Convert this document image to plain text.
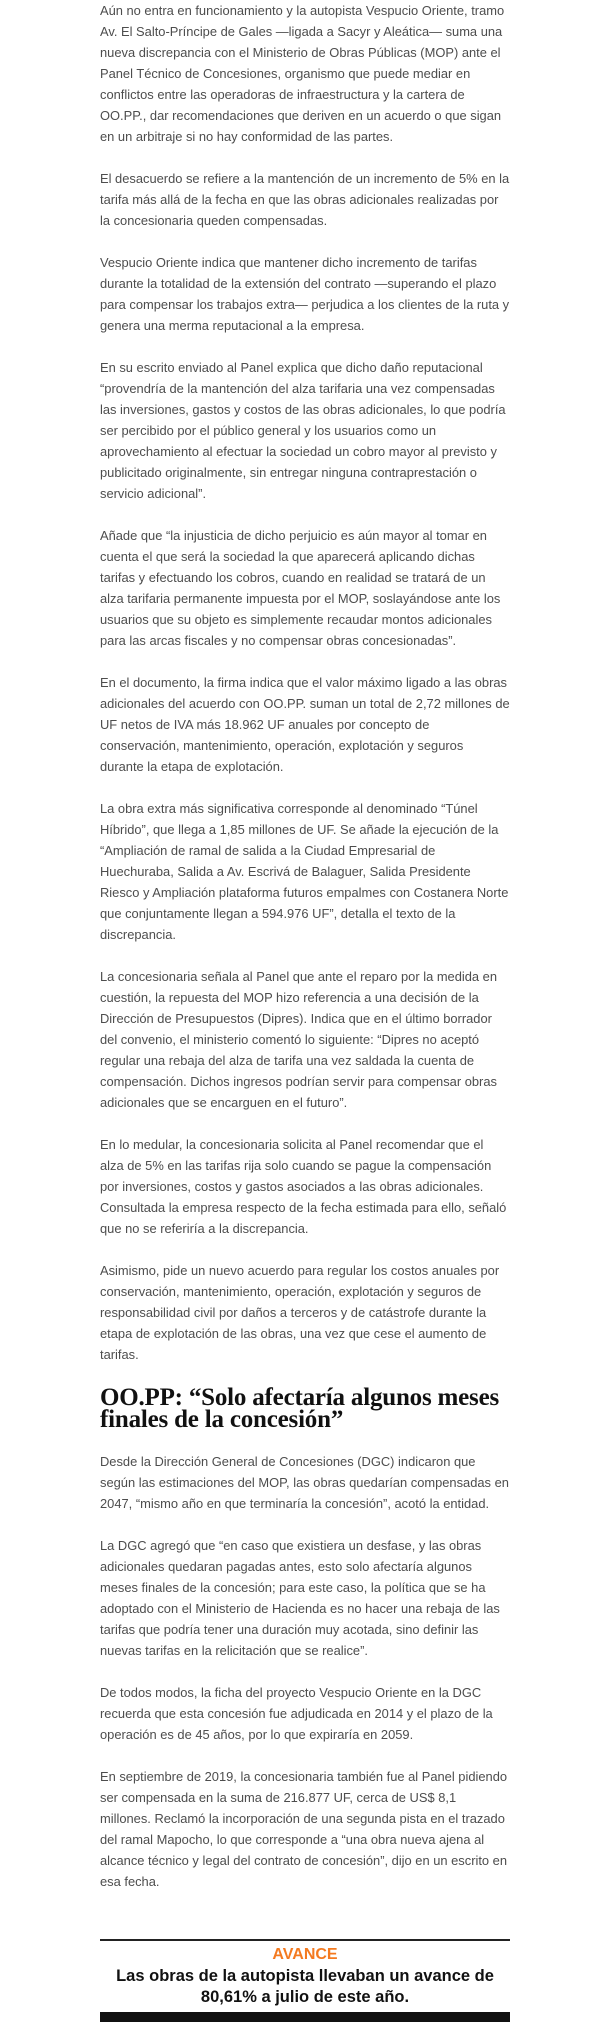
Aún no entra en funcionamiento y la autopista Vespucio Oriente, tramo Av. El Salto-Príncipe de Gales —ligada a Sacyr y Aleática— suma una nueva discrepancia con el Ministerio de Obras Públicas (MOP) ante el Panel Técnico de Concesiones, organismo que puede mediar en conflictos entre las operadoras de infraestructura y la cartera de OO.PP., dar recomendaciones que deriven en un acuerdo o que sigan en un arbitraje si no hay conformidad de las partes.

El desacuerdo se refiere a la mantención de un incremento de 5% en la tarifa más allá de la fecha en que las obras adicionales realizadas por la concesionaria queden compensadas.

Vespucio Oriente indica que mantener dicho incremento de tarifas durante la totalidad de la extensión del contrato —superando el plazo para compensar los trabajos extra— perjudica a los clientes de la ruta y genera una merma reputacional a la empresa.

En su escrito enviado al Panel explica que dicho daño reputacional “provendría de la mantención del alza tarifaria una vez compensadas las inversiones, gastos y costos de las obras adicionales, lo que podría ser percibido por el público general y los usuarios como un aprovechamiento al efectuar la sociedad un cobro mayor al previsto y publicitado originalmente, sin entregar ninguna contraprestación o servicio adicional”.

Añade que “la injusticia de dicho perjuicio es aún mayor al tomar en cuenta el que será la sociedad la que aparecerá aplicando dichas tarifas y efectuando los cobros, cuando en realidad se tratará de un alza tarifaria permanente impuesta por el MOP, soslayándose ante los usuarios que su objeto es simplemente recaudar montos adicionales para las arcas fiscales y no compensar obras concesionadas”.

En el documento, la firma indica que el valor máximo ligado a las obras adicionales del acuerdo con OO.PP. suman un total de 2,72 millones de UF netos de IVA más 18.962 UF anuales por concepto de conservación, mantenimiento, operación, explotación y seguros durante la etapa de explotación.

La obra extra más significativa corresponde al denominado “Túnel Híbrido”, que llega a 1,85 millones de UF. Se añade la ejecución de la “Ampliación de ramal de salida a la Ciudad Empresarial de Huechuraba, Salida a Av. Escrivá de Balaguer, Salida Presidente Riesco y Ampliación plataforma futuros empalmes con Costanera Norte que conjuntamente llegan a 594.976 UF”, detalla el texto de la discrepancia.

La concesionaria señala al Panel que ante el reparo por la medida en cuestión, la repuesta del MOP hizo referencia a una decisión de la Dirección de Presupuestos (Dipres). Indica que en el último borrador del convenio, el ministerio comentó lo siguiente: “Dipres no aceptó regular una rebaja del alza de tarifa una vez saldada la cuenta de compensación. Dichos ingresos podrían servir para compensar obras adicionales que se encarguen en el futuro”.

En lo medular, la concesionaria solicita al Panel recomendar que el alza de 5% en las tarifas rija solo cuando se pague la compensación por inversiones, costos y gastos asociados a las obras adicionales. Consultada la empresa respecto de la fecha estimada para ello, señaló que no se referiría a la discrepancia.

Asimismo, pide un nuevo acuerdo para regular los costos anuales por conservación, mantenimiento, operación, explotación y seguros de responsabilidad civil por daños a terceros y de catástrofe durante la etapa de explotación de las obras, una vez que cese el aumento de tarifas.

OO.PP: “Solo afectaría algunos meses finales de la concesión”

Desde la Dirección General de Concesiones (DGC) indicaron que según las estimaciones del MOP, las obras quedarían compensadas en 2047, “mismo año en que terminaría la concesión”, acotó la entidad.

La DGC agregó que “en caso que existiera un desfase, y las obras adicionales quedaran pagadas antes, esto solo afectaría algunos meses finales de la concesión; para este caso, la política que se ha adoptado con el Ministerio de Hacienda es no hacer una rebaja de las tarifas que podría tener una duración muy acotada, sino definir las nuevas tarifas en la relicitación que se realice”.

De todos modos, la ficha del proyecto Vespucio Oriente en la DGC recuerda que esta concesión fue adjudicada en 2014 y el plazo de la operación es de 45 años, por lo que expiraría en 2059.

En septiembre de 2019, la concesionaria también fue al Panel pidiendo ser compensada en la suma de 216.877 UF, cerca de US$ 8,1 millones. Reclamó la incorporación de una segunda pista en el trazado del ramal Mapocho, lo que corresponde a “una obra nueva ajena al alcance técnico y legal del contrato de concesión”, dijo en un escrito en esa fecha.

AVANCE
Las obras de la autopista llevaban un avance de 80,61% a julio de este año.
